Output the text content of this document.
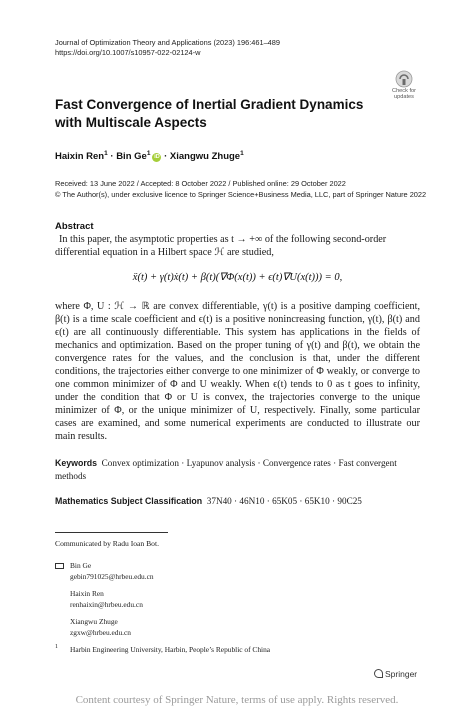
Journal of Optimization Theory and Applications (2023) 196:461–489
https://doi.org/10.1007/s10957-022-02124-w
Check for
updates
Fast Convergence of Inertial Gradient Dynamics with Multiscale Aspects
Haixin Ren$^1$ · Bin $Ge^1iD$ · Xiangwu Zhuge$^1$
Received: 13 June 2022 / Accepted: 8 October 2022 / Published online: 29 October 2022
© The Author(s), under exclusive licence to Springer Science+Business Media, LLC, part of Springer Nature 2022
Abstract
In this paper, the asymptotic properties as t → +∞ of the following second-order differential equation in a Hilbert space ℋ are studied,
ẍ(t) + γ(t)ẋ(t) + β(t)(∇Φ(x(t)) + ϵ(t)∇U(x(t))) = 0,
where Φ, U : ℋ → ℝ are convex differentiable, γ(t) is a positive damping coefficient, β(t) is a time scale coefficient and ϵ(t) is a positive nonincreasing function, γ(t), β(t) and ϵ(t) are all continuously differentiable. This system has applications in the fields of mechanics and optimization. Based on the proper tuning of γ(t) and β(t), we obtain the convergence rates for the values, and the conclusion is that, under the different conditions, the trajectories either converge to one minimizer of Φ weakly, or converge to one common minimizer of Φ and U weakly. When ϵ(t) tends to 0 as t goes to infinity, under the condition that Φ or U is convex, the trajectories converge to the unique minimizer of Φ, or the unique minimizer of U, respectively. Finally, some particular cases are examined, and some numerical experiments are conducted to illustrate our main results.
Keywords Convex optimization · Lyapunov analysis · Convergence rates · Fast convergent methods
Mathematics Subject Classification 37N40 · 46N10 · 65K05 · 65K10 · 90C25
Communicated by Radu Ioan Bot.
Bin Ge
gebin791025@hrbeu.edu.cn
Haixin Ren
renhaixin@hrbeu.edu.cn
Xiangwu Zhuge
zgxw@hrbeu.edu.cn
1 Harbin Engineering University, Harbin, People’s Republic of China
Springer
Content courtesy of Springer Nature, terms of use apply. Rights reserved.
